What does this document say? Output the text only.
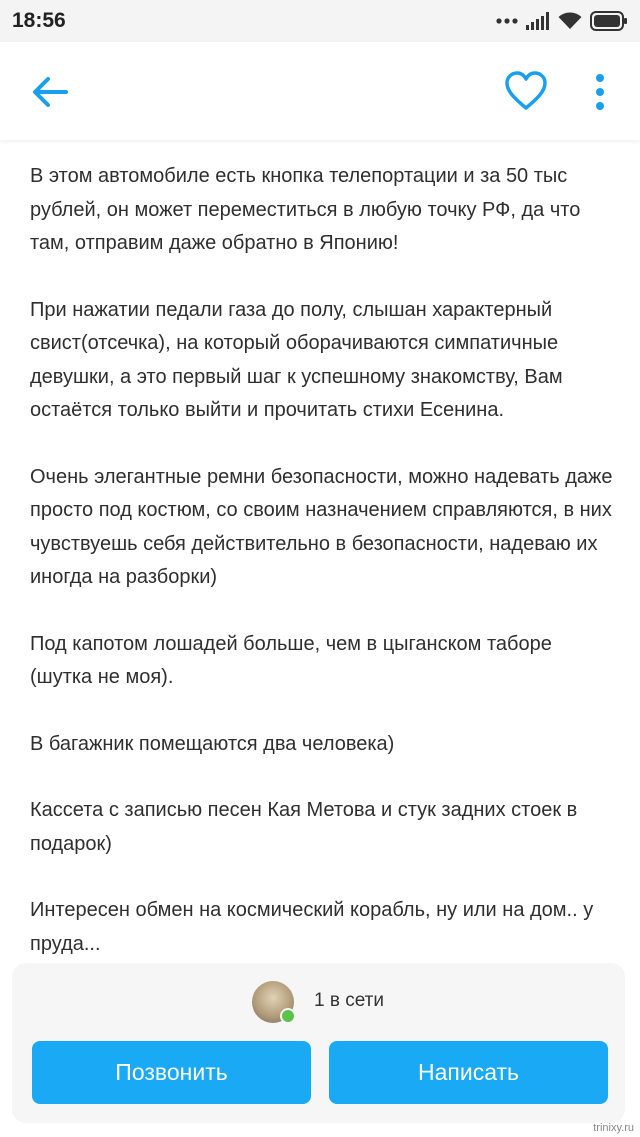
18:56

В этом автомобиле есть кнопка телепортации и за 50 тыс рублей, он может переместиться в любую точку РФ, да что там, отправим даже обратно в Японию!

При нажатии педали газа до полу, слышан характерный свист(отсечка), на который оборачиваются симпатичные девушки, а это первый шаг к успешному знакомству, Вам остаётся только выйти и прочитать стихи Есенина.

Очень элегантные ремни безопасности, можно надевать даже просто под костюм, со своим назначением справляются, в них чувствуешь себя действительно в безопасности, надеваю их иногда на разборки)

Под капотом лошадей больше, чем в цыганском таборе (шутка не моя).

В багажник помещаются два человека)

Кассета с записью песен Кая Метова и стук задних стоек в подарок)

Интересен обмен на космический корабль, ну или на дом.. у пруда...

1 в сети
Позвонить	Написать
trinixy.ru
